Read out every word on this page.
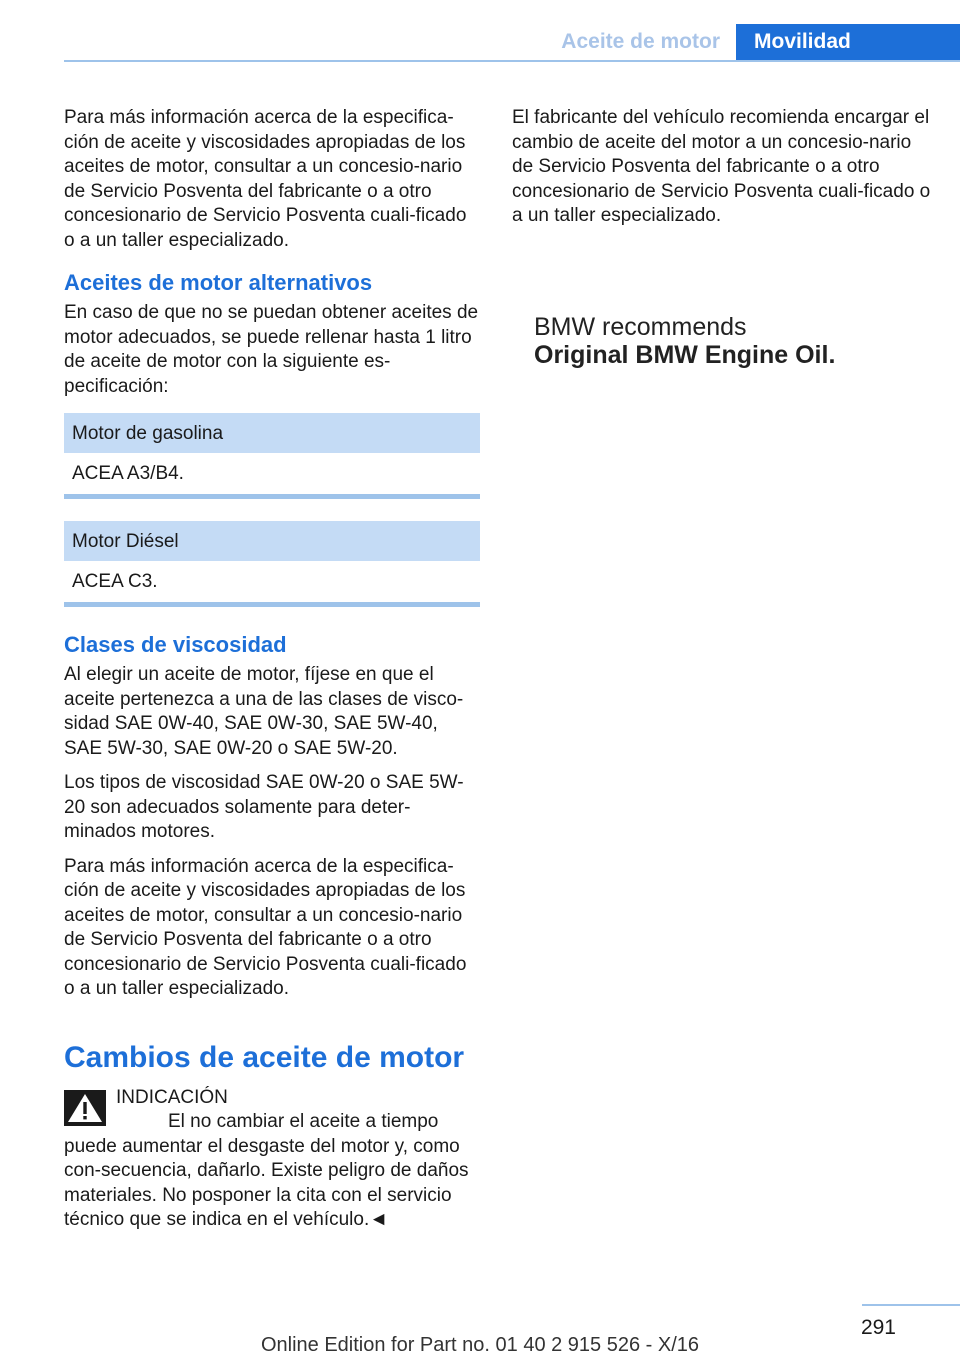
Aceite de motor	Movilidad

Para más información acerca de la especifica-ción de aceite y viscosidades apropiadas de los aceites de motor, consultar a un concesio-nario de Servicio Posventa del fabricante o a otro concesionario de Servicio Posventa cuali-ficado o a un taller especializado.

Aceites de motor alternativos

En caso de que no se puedan obtener aceites de motor adecuados, se puede rellenar hasta 1 litro de aceite de motor con la siguiente es-pecificación:

Motor de gasolina
ACEA A3/B4.
Motor Diésel
ACEA C3.
Clases de viscosidad

Al elegir un aceite de motor, fíjese en que el aceite pertenezca a una de las clases de visco-sidad SAE 0W-40, SAE 0W-30, SAE 5W-40, SAE 5W-30, SAE 0W-20 o SAE 5W-20.

Los tipos de viscosidad SAE 0W-20 o SAE 5W-20 son adecuados solamente para deter-minados motores.

Para más información acerca de la especifica-ción de aceite y viscosidades apropiadas de los aceites de motor, consultar a un concesio-nario de Servicio Posventa del fabricante o a otro concesionario de Servicio Posventa cuali-ficado o a un taller especializado.

Cambios de aceite de motor
INDICACIÓN

El no cambiar el aceite a tiempo puede aumentar el desgaste del motor y, como con-secuencia, dañarlo. Existe peligro de daños materiales. No posponer la cita con el servicio técnico que se indica en el vehículo.◄

El fabricante del vehículo recomienda encargar el cambio de aceite del motor a un concesio-nario de Servicio Posventa del fabricante o a otro concesionario de Servicio Posventa cuali-ficado o a un taller especializado.

BMW recommends
Original BMW Engine Oil.
291
Online Edition for Part no. 01 40 2 915 526 - X/16
